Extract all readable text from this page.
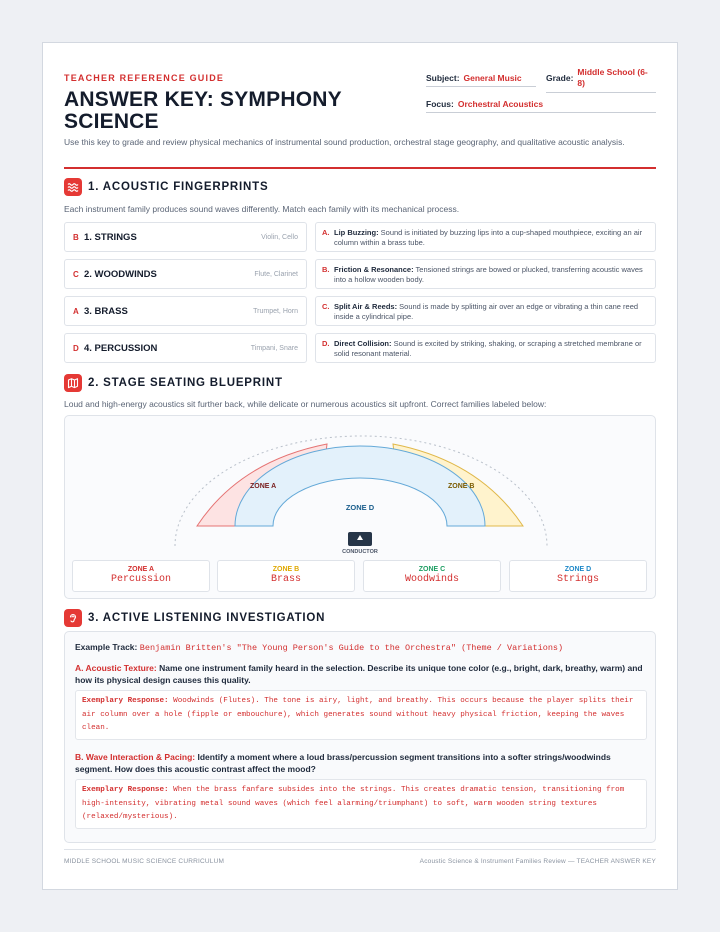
TEACHER REFERENCE GUIDE
ANSWER KEY: SYMPHONY SCIENCE
Subject: General Music	Grade:
Middle School (6-8)
Focus: Orchestral Acoustics
Use this key to grade and review physical mechanics of instrumental sound production, orchestral stage geography, and qualitative acoustic analysis.
1. ACOUSTIC FINGERPRINTS
Each instrument family produces sound waves differently. Match each family with its mechanical process.
B 1. STRINGS	Violin, Cello
C 2. WOODWINDS	Flute, Clarinet
A 3. BRASS	Trumpet, Horn
D 4. PERCUSSION	Timpani, Snare
A. Lip Buzzing: Sound is initiated by buzzing lips into a cup-shaped mouthpiece, exciting an air column within a brass tube.
B. Friction & Resonance: Tensioned strings are bowed or plucked, transferring acoustic waves into a hollow wooden body.
C. Split Air & Reeds: Sound is made by splitting air over an edge or vibrating a thin cane reed inside a cylindrical pipe.
D. Direct Collision: Sound is excited by striking, shaking, or scraping a stretched membrane or solid resonant material.
2. STAGE SEATING BLUEPRINT
Loud and high-energy acoustics sit further back, while delicate or numerous acoustics sit upfront. Correct families labeled below:
ZONE A	ZONE B
ZONE D
CONDUCTOR
ZONE A
Percussion
ZONE B
Brass
ZONE C
Woodwinds
ZONE D
Strings
3. ACTIVE LISTENING INVESTIGATION
Example Track: Benjamin Britten's "The Young Person's Guide to the Orchestra" (Theme / Variations)
A. Acoustic Texture: Name one instrument family heard in the selection. Describe its unique tone color (e.g., bright, dark, breathy, warm) and how its physical design causes this quality.
Exemplary Response: Woodwinds (Flutes). The tone is airy, light, and breathy. This occurs because the player splits their air column over a hole (fipple or embouchure), which generates sound without heavy physical friction, keeping the waves clean.
B. Wave Interaction & Pacing: Identify a moment where a loud brass/percussion segment transitions into a softer strings/woodwinds segment. How does this acoustic contrast affect the mood?
Exemplary Response: When the brass fanfare subsides into the strings. This creates dramatic tension, transitioning from high-intensity, vibrating metal sound waves (which feel alarming/triumphant) to soft, warm wooden string textures (relaxed/mysterious).
MIDDLE SCHOOL MUSIC SCIENCE CURRICULUM	Acoustic Science & Instrument Families Review — TEACHER ANSWER KEY
